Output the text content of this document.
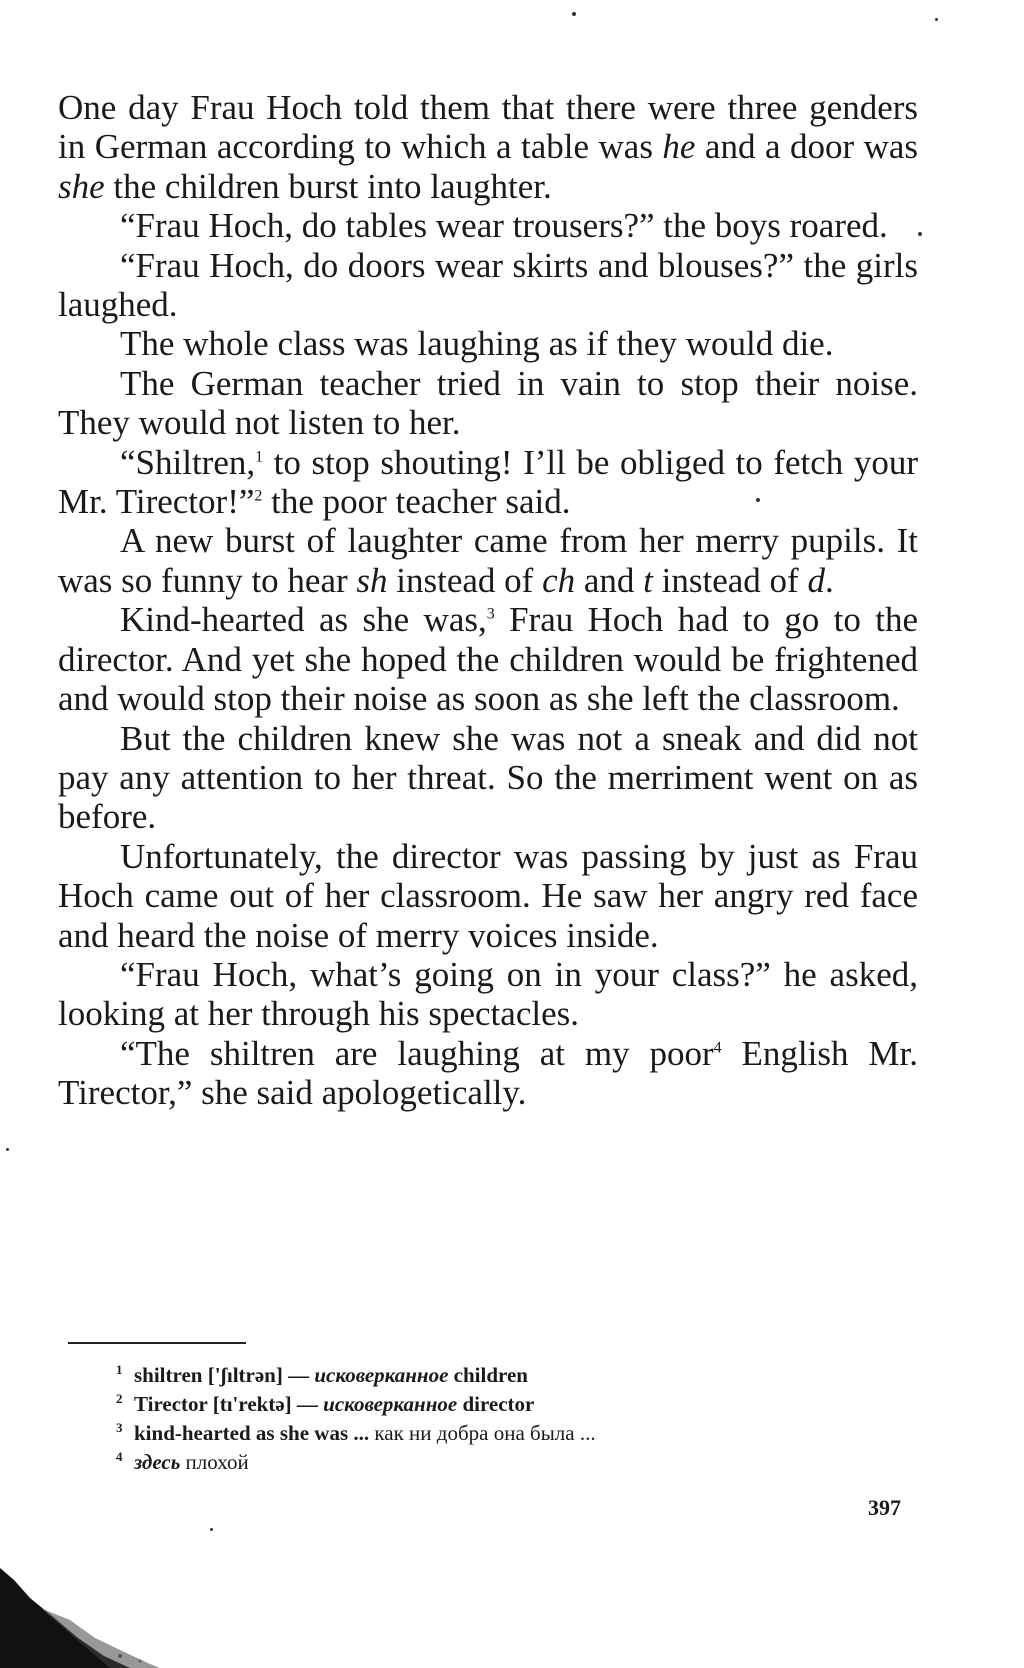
One day Frau Hoch told them that there were three genders in German according to which a table was he and a door was she the children burst into laughter.

“Frau Hoch, do tables wear trousers?” the boys roared.

“Frau Hoch, do doors wear skirts and blouses?” the girls laughed.

The whole class was laughing as if they would die.

The German teacher tried in vain to stop their noise. They would not listen to her.

“Shiltren,$^1$ to stop shouting! I’ll be obliged to fetch your Mr. Tirector!”$^2$ the poor teacher said.

A new burst of laughter came from her merry pupils. It was so funny to hear sh instead of ch and t instead of d.

Kind-hearted as she was,$^3$ Frau Hoch had to go to the director. And yet she hoped the children would be frightened and would stop their noise as soon as she left the classroom.

But the children knew she was not a sneak and did not pay any attention to her threat. So the merriment went on as before.

Unfortunately, the director was passing by just as Frau Hoch came out of her classroom. He saw her angry red face and heard the noise of merry voices inside.

“Frau Hoch, what’s going on in your class?” he asked, looking at her through his spectacles.

“The shiltren are laughing at my poor$^4$ English Mr. Tirector,” she said apologetically.

1 shiltren ['ʃıltrən] — исковерканное children
2 Tirector [tı'rektə] — исковерканное director
3 kind-hearted as she was ... как ни добра она была ...
4 здесь плохой
397
